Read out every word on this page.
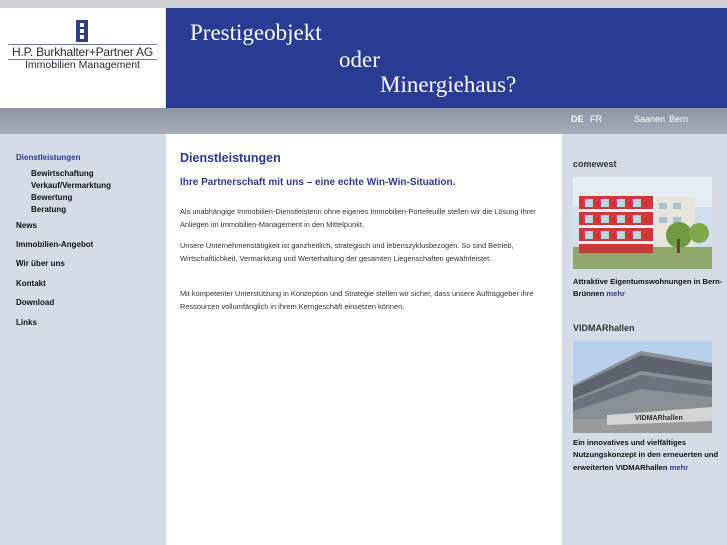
H.P. Burkhalter+Partner AG
Immobilien Management
Prestigeobjekt
oder
Minergiehaus?
DE FR	Saanen Bern
Dienstleistungen
Bewirtschaftung
Verkauf/Vermarktung
Bewertung
Beratung
News
Immobilien-Angebot
Wir über uns
Kontakt
Download
Links
Dienstleistungen
Ihre Partnerschaft mit uns – eine echte Win-Win-Situation.

Als unabhängige Immobilien-Dienstleisterin ohne eigenes Immobilien-Portefeuille stellen wir die Lösung Ihrer Anliegen im Immobilien-Management in den Mittelpunkt.

Unsere Unternehmenstätigkeit ist ganzheitlich, strategisch und lebenszyklusbezogen. So sind Betrieb, Wirtschaftlichkeit, Vermarktung und Werterhaltung der gesamten Liegenschaften gewährleistet.

Mit kompetenter Unterstützung in Konzeption und Strategie stellen wir sicher, dass unsere Auftraggeber ihre Ressourcen vollumfänglich in ihrem Kerngeschäft einsetzen können.

comewest
Attraktive Eigentumswohnungen in Bern-Brünnen mehr
VIDMARhallen
VIDMARhallen
Ein innovatives und vielfältiges Nutzungskonzept in den erneuerten und erweiterten VIDMARhallen mehr
